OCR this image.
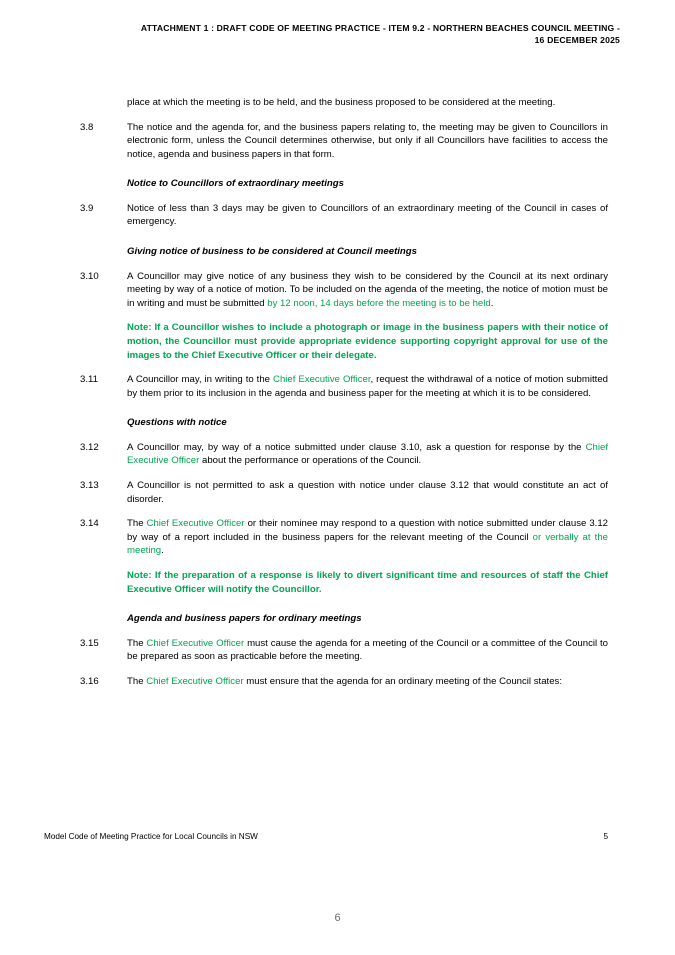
ATTACHMENT 1 : DRAFT CODE OF MEETING PRACTICE - ITEM 9.2 - NORTHERN BEACHES COUNCIL MEETING -
16 DECEMBER 2025

place at which the meeting is to be held, and the business proposed to be considered at the meeting.

3.8	The notice and the agenda for, and the business papers relating to, the meeting may be given to Councillors in electronic form, unless the Council determines otherwise, but only if all Councillors have facilities to access the notice, agenda and business papers in that form.

Notice to Councillors of extraordinary meetings

3.9	Notice of less than 3 days may be given to Councillors of an extraordinary meeting of the Council in cases of emergency.

Giving notice of business to be considered at Council meetings

3.10	A Councillor may give notice of any business they wish to be considered by the Council at its next ordinary meeting by way of a notice of motion. To be included on the agenda of the meeting, the notice of motion must be in writing and must be submitted by 12 noon, 14 days before the meeting is to be held.

Note: If a Councillor wishes to include a photograph or image in the business papers with their notice of motion, the Councillor must provide appropriate evidence supporting copyright approval for use of the images to the Chief Executive Officer or their delegate.

3.11	A Councillor may, in writing to the Chief Executive Officer, request the withdrawal of a notice of motion submitted by them prior to its inclusion in the agenda and business paper for the meeting at which it is to be considered.

Questions with notice

3.12	A Councillor may, by way of a notice submitted under clause 3.10, ask a question for response by the Chief Executive Officer about the performance or operations of the Council.

3.13	A Councillor is not permitted to ask a question with notice under clause 3.12 that would constitute an act of disorder.

3.14	The Chief Executive Officer or their nominee may respond to a question with notice submitted under clause 3.12 by way of a report included in the business papers for the relevant meeting of the Council or verbally at the meeting.

Note: If the preparation of a response is likely to divert significant time and resources of staff the Chief Executive Officer will notify the Councillor.

Agenda and business papers for ordinary meetings

3.15	The Chief Executive Officer must cause the agenda for a meeting of the Council or a committee of the Council to be prepared as soon as practicable before the meeting.

3.16	The Chief Executive Officer must ensure that the agenda for an ordinary meeting of the Council states:

Model Code of Meeting Practice for Local Councils in NSW	5
6
